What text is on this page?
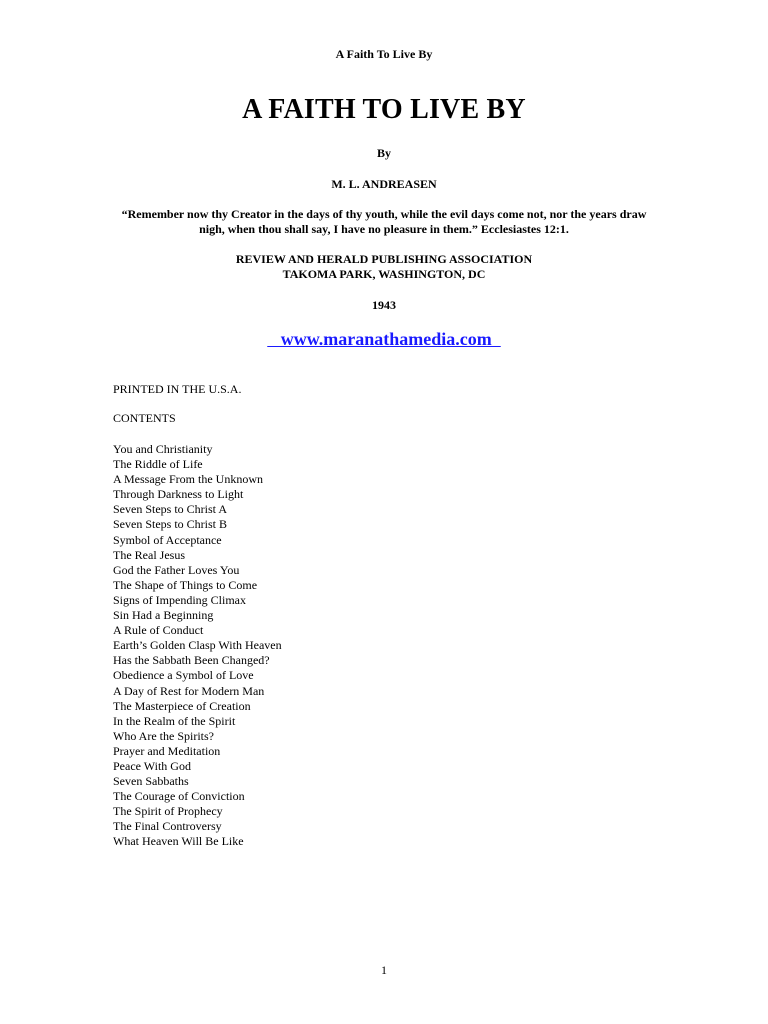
A Faith To Live By
A FAITH TO LIVE BY
By
M. L. ANDREASEN
“Remember now thy Creator in the days of thy youth, while the evil days come not, nor the years draw nigh, when thou shall say, I have no pleasure in them.” Ecclesiastes 12:1.
REVIEW AND HERALD PUBLISHING ASSOCIATION
TAKOMA PARK, WASHINGTON, DC
1943
www.maranathamedia.com
PRINTED IN THE U.S.A.
CONTENTS
You and Christianity
The Riddle of Life
A Message From the Unknown
Through Darkness to Light
Seven Steps to Christ A
Seven Steps to Christ B
Symbol of Acceptance
The Real Jesus
God the Father Loves You
The Shape of Things to Come
Signs of Impending Climax
Sin Had a Beginning
A Rule of Conduct
Earth’s Golden Clasp With Heaven
Has the Sabbath Been Changed?
Obedience a Symbol of Love
A Day of Rest for Modern Man
The Masterpiece of Creation
In the Realm of the Spirit
Who Are the Spirits?
Prayer and Meditation
Peace With God
Seven Sabbaths
The Courage of Conviction
The Spirit of Prophecy
The Final Controversy
What Heaven Will Be Like
1
